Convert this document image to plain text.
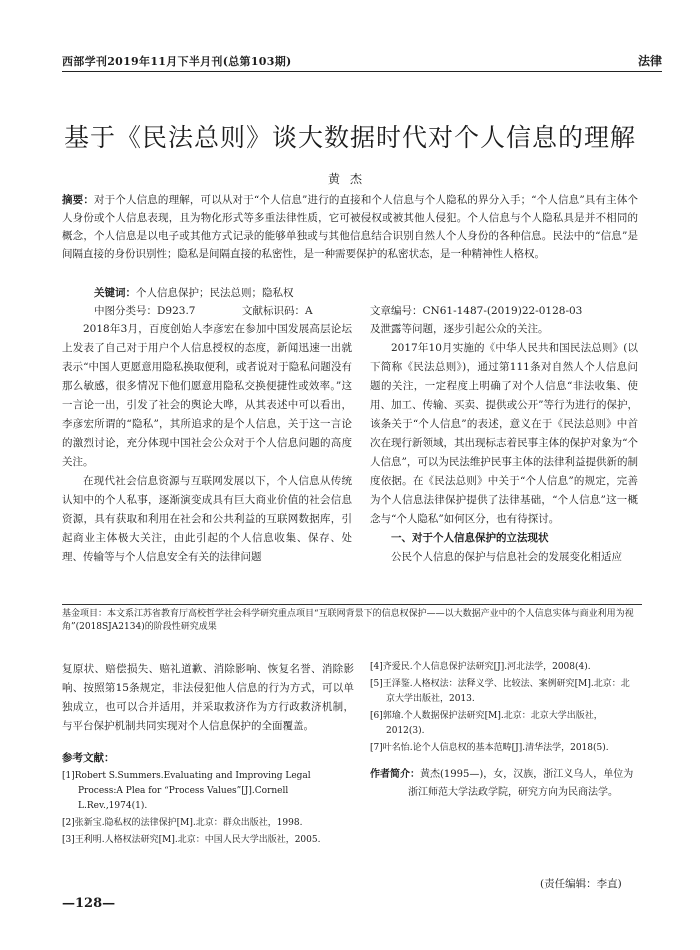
西部学刊2019年11月下半月刊(总第103期)	法律
基于《民法总则》谈大数据时代对个人信息的理解
黄杰
摘要：对于个人信息的理解，可以从对于“个人信息”进行的直接和个人信息与个人隐私的界分入手；“个人信息”具有主体个人身份或个人信息表现，且为物化形式等多重法律性质，它可被侵权或被其他人侵犯。个人信息与个人隐私具是并不相同的概念，个人信息是以电子或其他方式记录的能够单独或与其他信息结合识别自然人个人身份的各种信息。民法中的“信息”是间隔直接的身份识别性；隐私是间隔直接的私密性，是一种需要保护的私密状态，是一种精神性人格权。
关键词：个人信息保护；民法总则；隐私权
中图分类号：D923.7	文献标识码：A	文章编号：CN61-1487-(2019)22-0128-03

2018年3月，百度创始人李彦宏在参加中国发展高层论坛上发表了自己对于用户个人信息授权的态度，新闻迅速一出就表示“中国人更愿意用隐私换取便利，或者说对于隐私问题没有那么敏感，很多情况下他们愿意用隐私交换便捷性或效率。”这一言论一出，引发了社会的舆论大哗，从其表述中可以看出，李彦宏所谓的“隐私”，其所追求的是个人信息，关于这一言论的激烈讨论，充分体现中国社会公众对于个人信息问题的高度关注。

在现代社会信息资源与互联网发展以下，个人信息从传统认知中的个人私事，逐渐演变成具有巨大商业价值的社会信息资源，具有获取和利用在社会和公共利益的互联网数据库，引起商业主体极大关注，由此引起的个人信息收集、保存、处理、传输等与个人信息安全有关的法律问题

及泄露等问题，逐步引起公众的关注。

2017年10月实施的《中华人民共和国民法总则》(以下简称《民法总则》)，通过第111条对自然人个人信息问题的关注，一定程度上明确了对个人信息“非法收集、使用、加工、传输、买卖、提供或公开”等行为进行的保护，该条关于“个人信息”的表述，意义在于《民法总则》中首次在现行新领域，其出现标志着民事主体的保护对象为“个人信息”，可以为民法维护民事主体的法律利益提供新的制度依据。在《民法总则》中关于“个人信息”的规定，完善为个人信息法律保护提供了法律基础，“个人信息”这一概念与“个人隐私”如何区分，也有待探讨。

一、对于个人信息保护的立法现状

公民个人信息的保护与信息社会的发展变化相适应

基金项目：本文系江苏省教育厅高校哲学社会科学研究重点项目“互联网背景下的信息权保护——以大数据产业中的个人信息实体与商业利用为视角”(2018SJA2134)的阶段性研究成果

复原状、赔偿损失、赔礼道歉、消除影响、恢复名誉、消除影响、按照第15条规定，非法侵犯他人信息的行为方式，可以单独成立，也可以合并适用，并采取救济作为方行政救济机制，与平台保护机制共同实现对个人信息保护的全面覆盖。

参考文献：
[1]Robert S.Summers.Evaluating and Improving Legal Process:A Plea for “Process Values”[J].Cornell L.Rev.,1974(1).
[2]张新宝.隐私权的法律保护[M].北京：群众出版社，1998.
[3]王利明.人格权法研究[M].北京：中国人民大学出版社，2005.
[4]齐爱民.个人信息保护法研究[J].河北法学，2008(4).
[5]王泽鉴.人格权法：法释义学、比较法、案例研究[M].北京：北京大学出版社，2013.
[6]郭瑜.个人数据保护法研究[M].北京：北京大学出版社，2012(3).
[7]叶名怡.论个人信息权的基本范畴[J].清华法学，2018(5).
作者简介：黄杰(1995—)，女，汉族，浙江义乌人，单位为浙江师范大学法政学院，研究方向为民商法学。
(责任编辑：李直)
—128—
